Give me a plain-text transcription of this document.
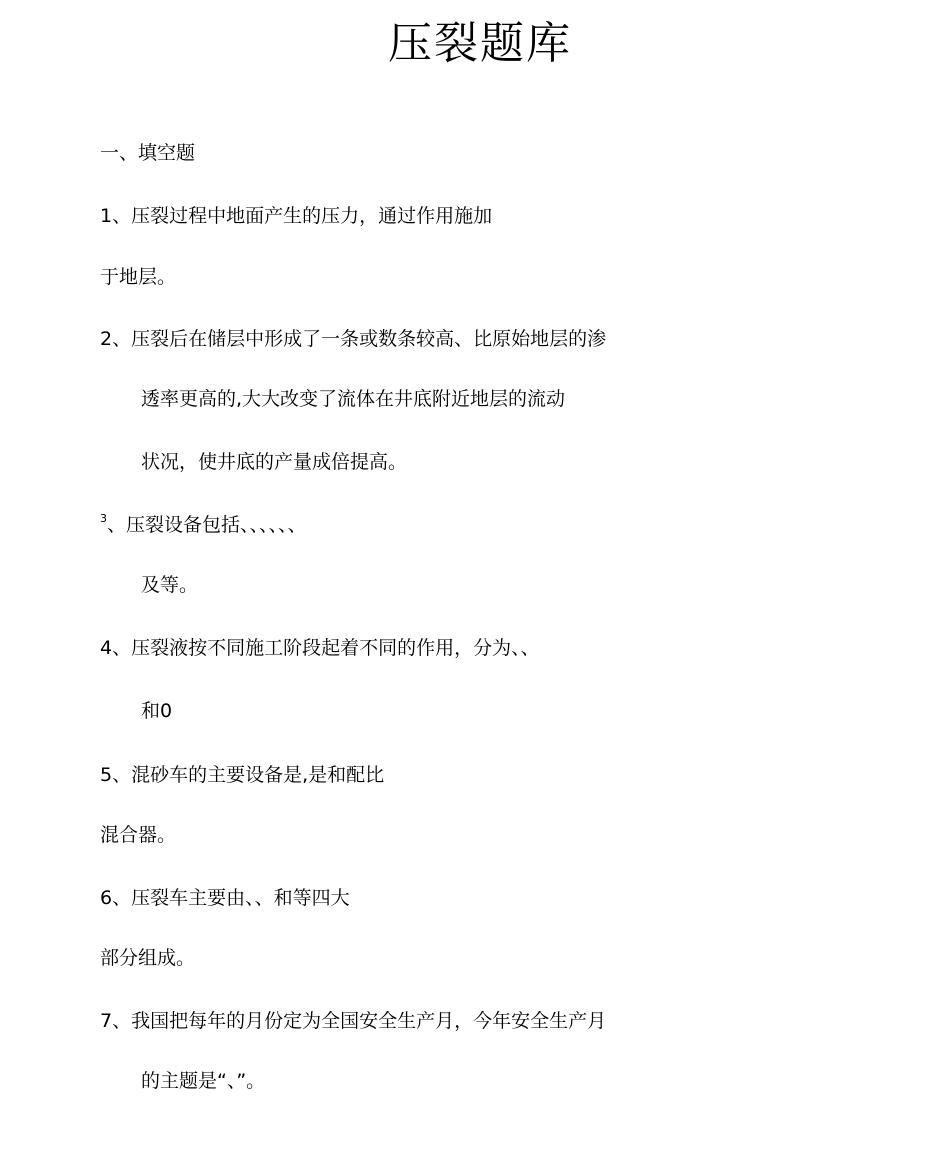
压裂题库
一、填空题
1、压裂过程中地面产生的压力，通过作用施加
于地层。
2、压裂后在储层中形成了一条或数条较高、比原始地层的渗
透率更高的,大大改变了流体在井底附近地层的流动
状况，使井底的产量成倍提高。
$^3$、压裂设备包括、、、、、、
及等。
4、压裂液按不同施工阶段起着不同的作用，分为、、
和0
5、混砂车的主要设备是,是和配比
混合器。
6、压裂车主要由、、和等四大
部分组成。
7、我国把每年的月份定为全国安全生产月，今年安全生产月
的主题是“、”。
